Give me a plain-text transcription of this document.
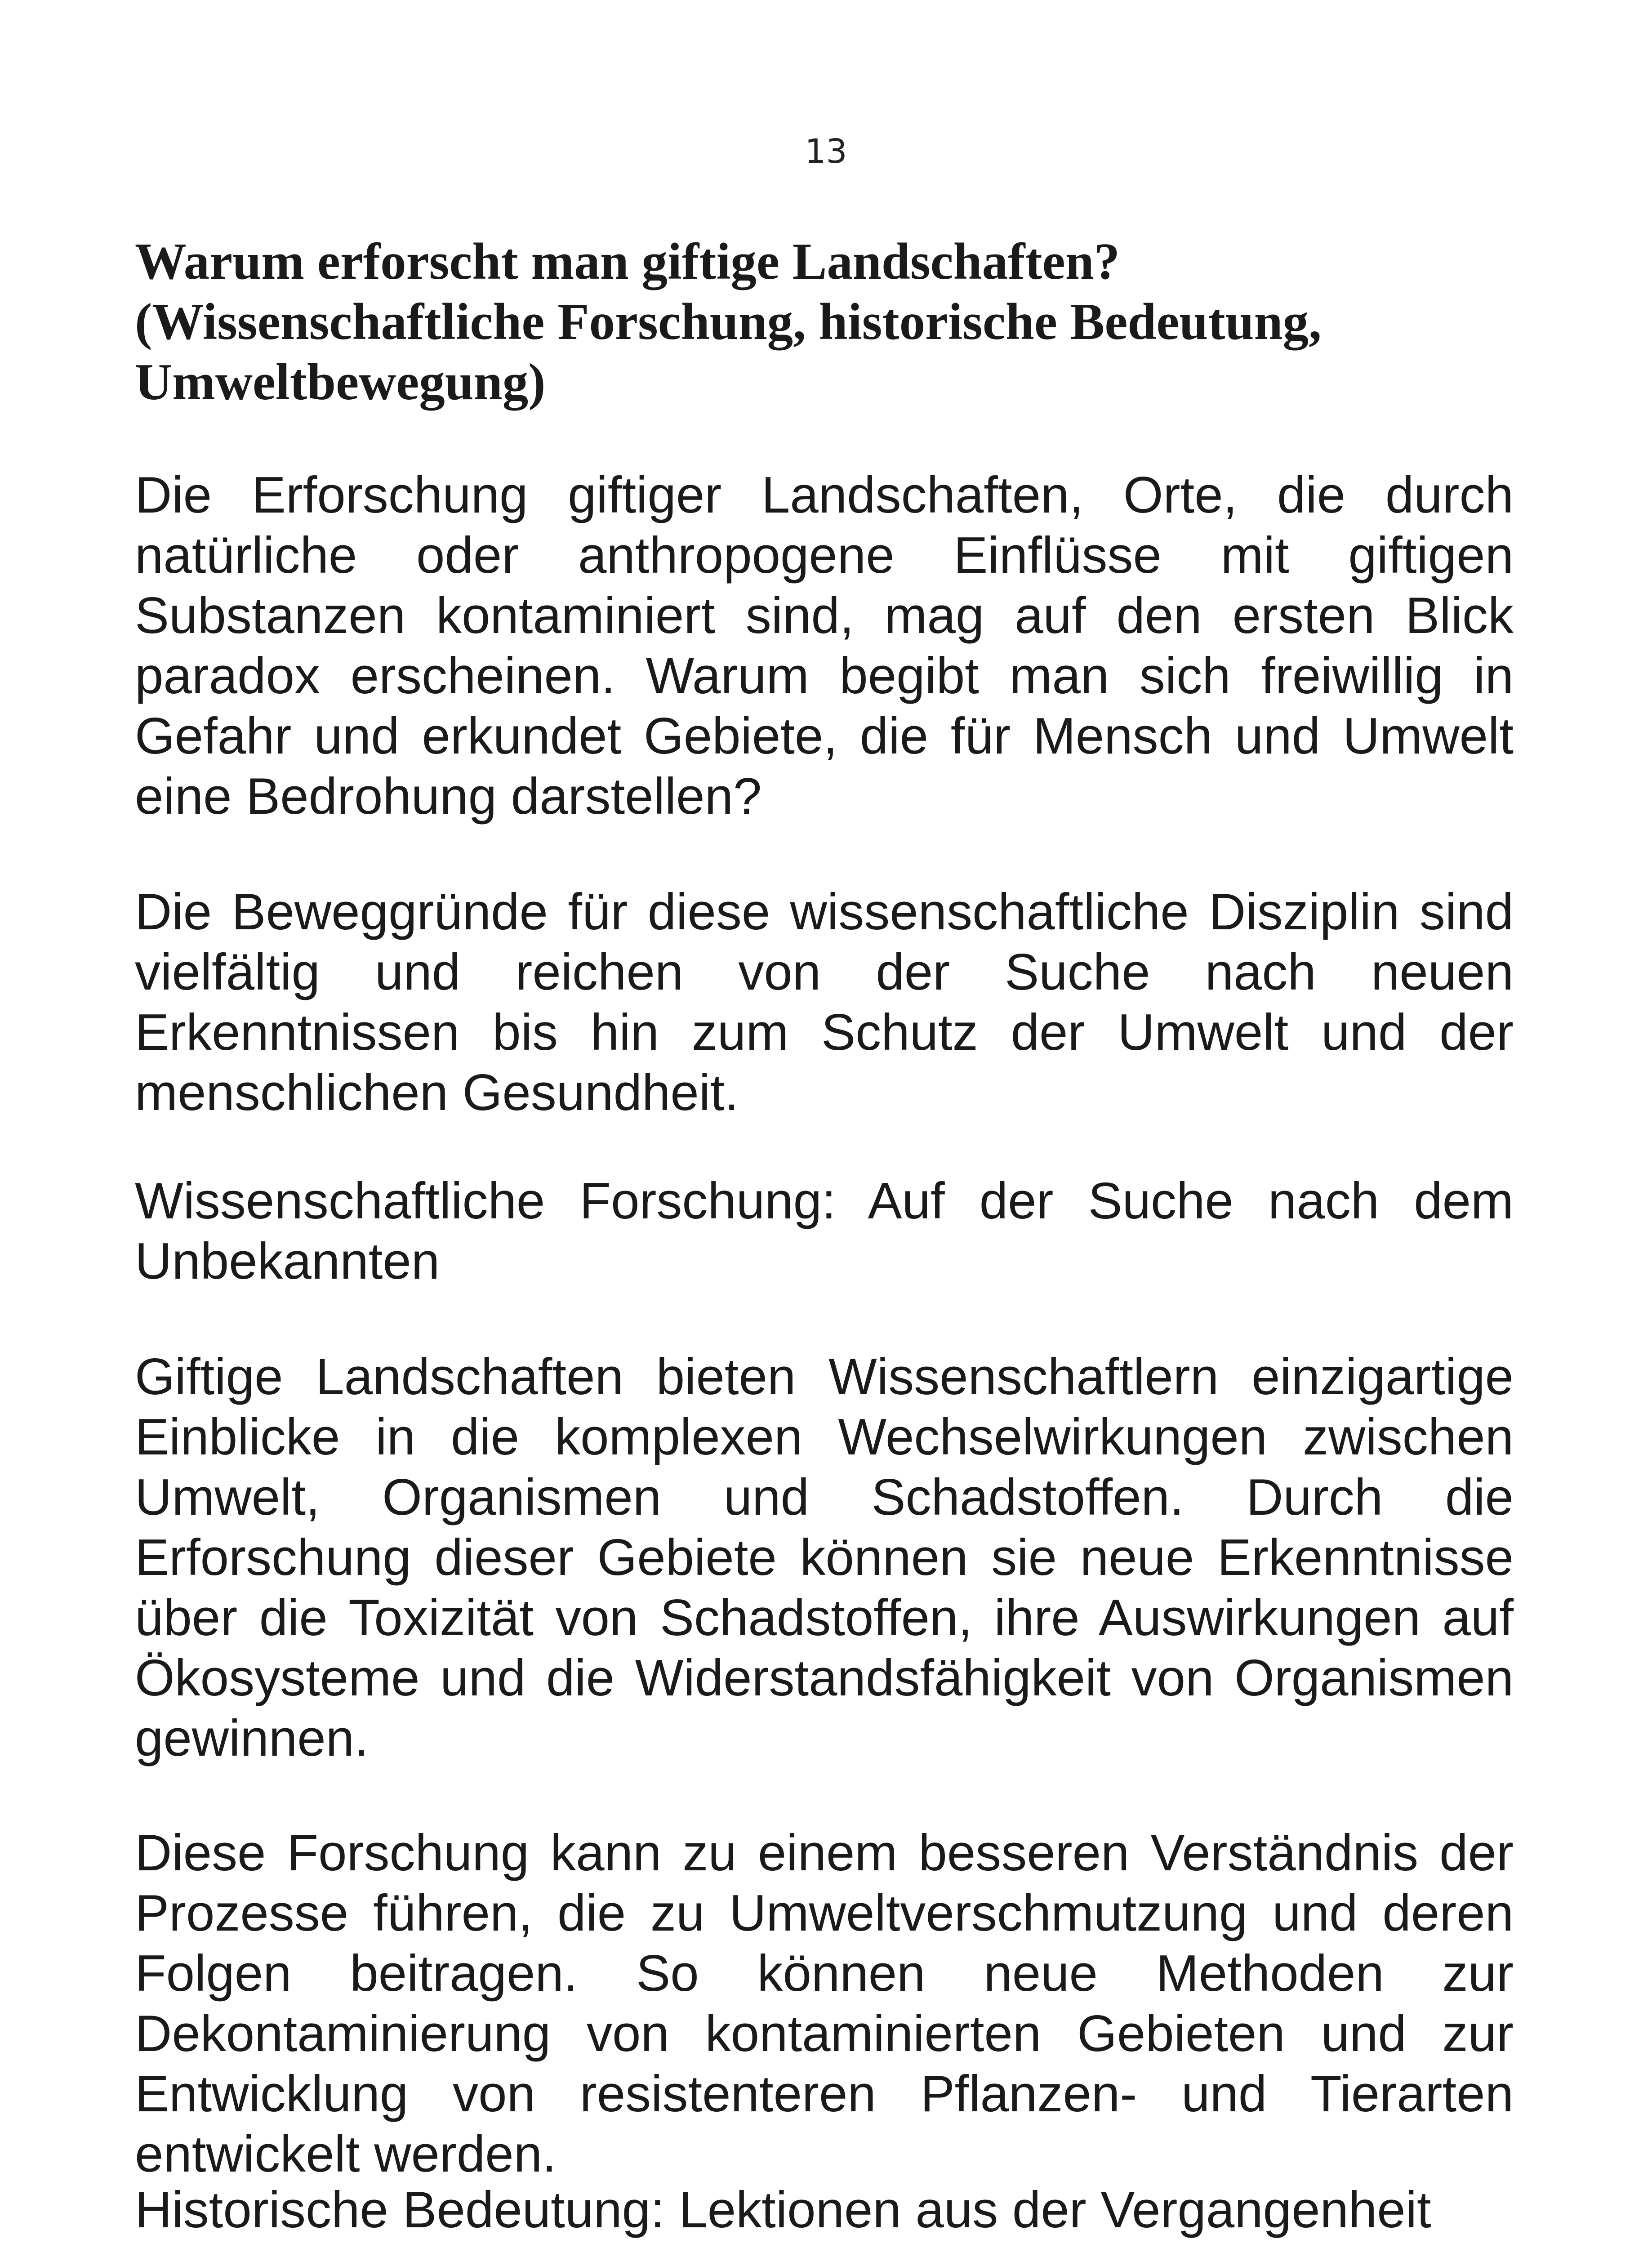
13
Warum erforscht man giftige Landschaften? (Wissenschaftliche Forschung, historische Bedeutung, Umweltbewegung)

Die Erforschung giftiger Landschaften, Orte, die durch natürliche oder anthropogene Einflüsse mit giftigen Substanzen kontaminiert sind, mag auf den ersten Blick paradox erscheinen. Warum begibt man sich freiwillig in Gefahr und erkundet Gebiete, die für Mensch und Umwelt eine Bedrohung darstellen?

Die Beweggründe für diese wissenschaftliche Disziplin sind vielfältig und reichen von der Suche nach neuen Erkenntnissen bis hin zum Schutz der Umwelt und der menschlichen Gesundheit.

Wissenschaftliche Forschung: Auf der Suche nach dem Unbekannten

Giftige Landschaften bieten Wissenschaftlern einzigartige Einblicke in die komplexen Wechselwirkungen zwischen Umwelt, Organismen und Schadstoffen. Durch die Erforschung dieser Gebiete können sie neue Erkenntnisse über die Toxizität von Schadstoffen, ihre Auswirkungen auf Ökosysteme und die Widerstandsfähigkeit von Organismen gewinnen.

Diese Forschung kann zu einem besseren Verständnis der Prozesse führen, die zu Umweltverschmutzung und deren Folgen beitragen. So können neue Methoden zur Dekontaminierung von kontaminierten Gebieten und zur Entwicklung von resistenteren Pflanzen- und Tierarten entwickelt werden.

Historische Bedeutung: Lektionen aus der Vergangenheit
